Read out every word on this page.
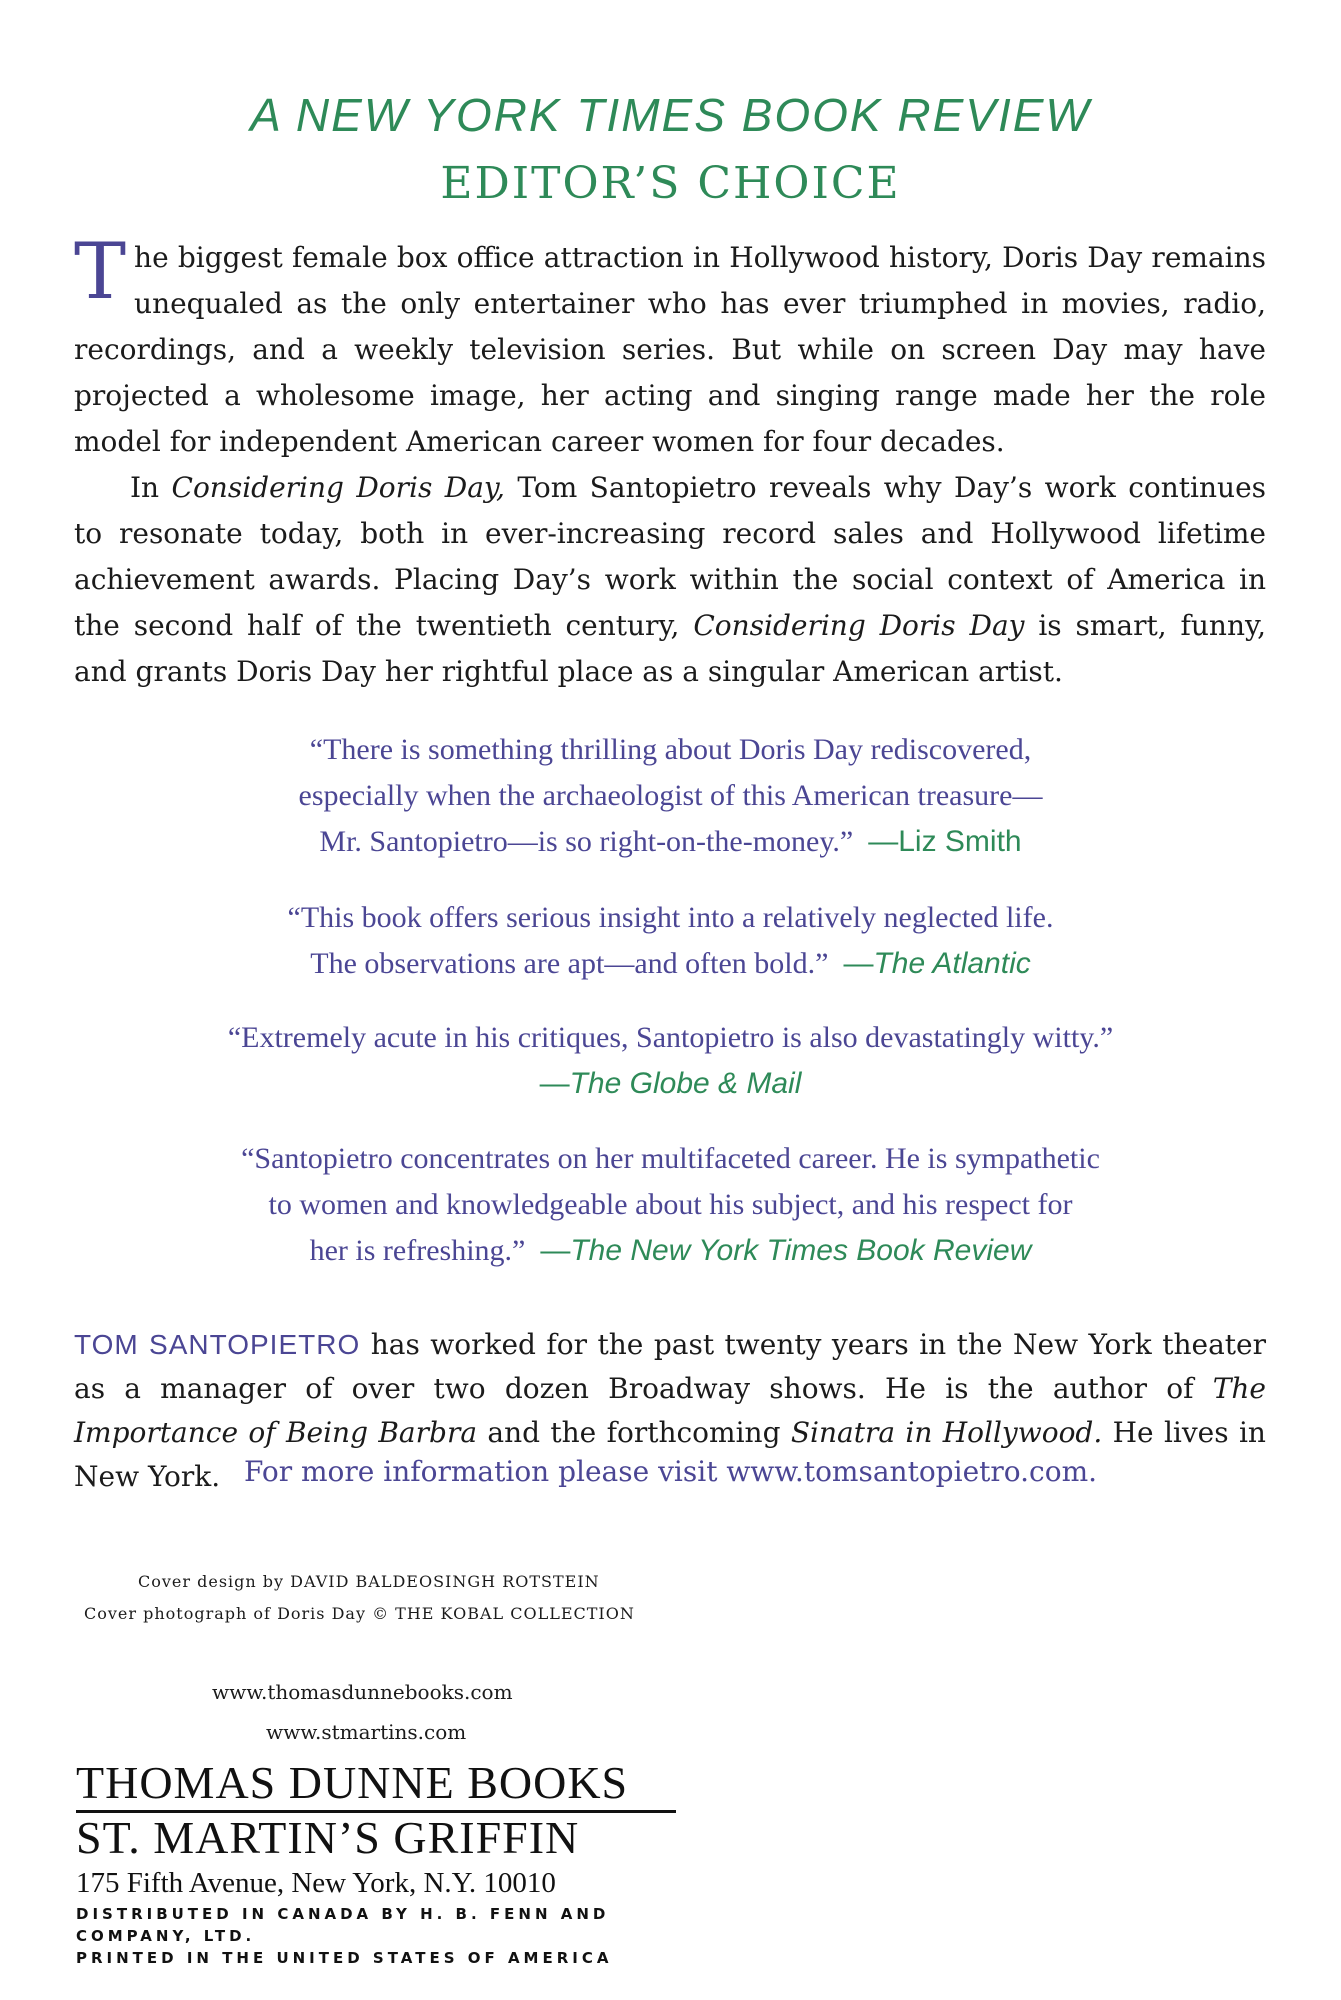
A NEW YORK TIMES BOOK REVIEW
EDITOR’S CHOICE

The biggest female box office attraction in Hollywood history, Doris Day remains unequaled as the only entertainer who has ever triumphed in movies, radio, recordings, and a weekly television series. But while on screen Day may have projected a wholesome image, her acting and singing range made her the role model for independent American career women for four decades.

In Considering Doris Day, Tom Santopietro reveals why Day’s work continues to resonate today, both in ever-increasing record sales and Hollywood lifetime achievement awards. Placing Day’s work within the social context of America in the second half of the twentieth century, Considering Doris Day is smart, funny, and grants Doris Day her rightful place as a singular American artist.

“There is something thrilling about Doris Day rediscovered,
especially when the archaeologist of this American treasure—
Mr. Santopietro—is so right-on-the-money.” —Liz Smith
“This book offers serious insight into a relatively neglected life.
The observations are apt—and often bold.” —The Atlantic
“Extremely acute in his critiques, Santopietro is also devastatingly witty.”
—The Globe & Mail
“Santopietro concentrates on her multifaceted career. He is sympathetic
to women and knowledgeable about his subject, and his respect for
her is refreshing.” —The New York Times Book Review
TOM SANTOPIETRO has worked for the past twenty years in the New York theater as a manager of over two dozen Broadway shows. He is the author of The Importance of Being Barbra and the forthcoming Sinatra in Hollywood. He lives in New York. For more information please visit www.tomsantopietro.com.
Cover design by DAVID BALDEOSINGH ROTSTEIN
Cover photograph of Doris Day © THE KOBAL COLLECTION
www.thomasdunnebooks.com
www.stmartins.com
THOMAS DUNNE BOOKS
ST. MARTIN’S GRIFFIN
175 Fifth Avenue, New York, N.Y. 10010
DISTRIBUTED IN CANADA BY H. B. FENN AND COMPANY, LTD.
PRINTED IN THE UNITED STATES OF AMERICA
